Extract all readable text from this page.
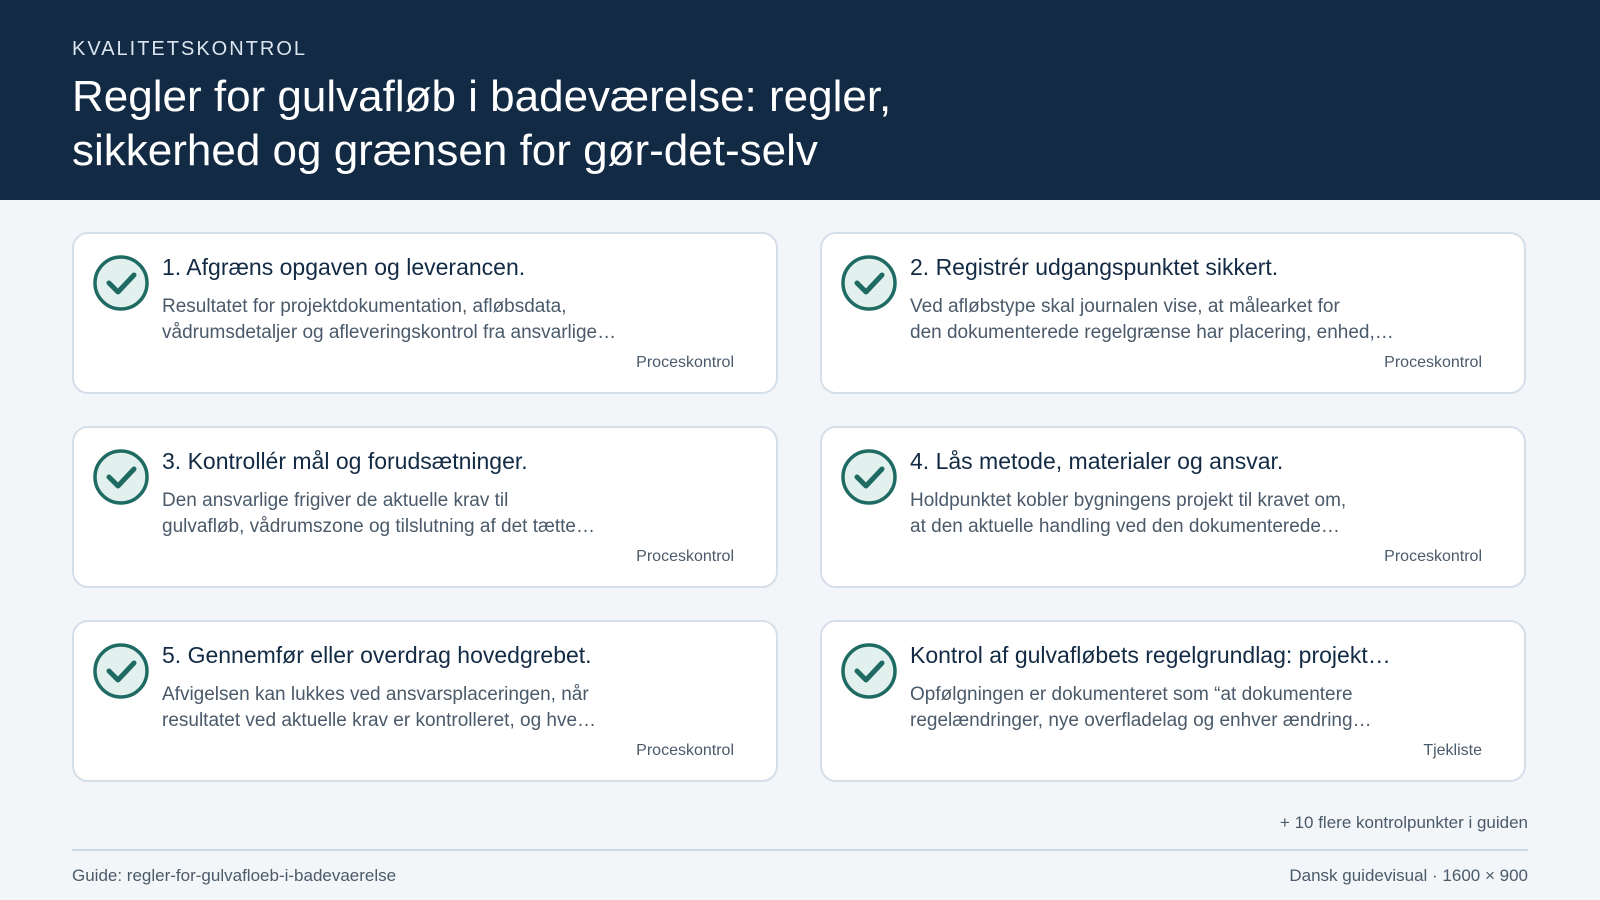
KVALITETSKONTROL
Regler for gulvafløb i badeværelse: regler, sikkerhed og grænsen for gør-det-selv
1. Afgræns opgaven og leverancen.
Resultatet for projektdokumentation, afløbsdata,
vådrumsdetaljer og afleveringskontrol fra ansvarlige…
Proceskontrol
2. Registrér udgangspunktet sikkert.
Ved afløbstype skal journalen vise, at målearket for
den dokumenterede regelgrænse har placering, enhed,…
Proceskontrol
3. Kontrollér mål og forudsætninger.
Den ansvarlige frigiver de aktuelle krav til
gulvafløb, vådrumszone og tilslutning af det tætte…
Proceskontrol
4. Lås metode, materialer og ansvar.
Holdpunktet kobler bygningens projekt til kravet om,
at den aktuelle handling ved den dokumenterede…
Proceskontrol
5. Gennemfør eller overdrag hovedgrebet.
Afvigelsen kan lukkes ved ansvarsplaceringen, når
resultatet ved aktuelle krav er kontrolleret, og hve…
Proceskontrol
Kontrol af gulvafløbets regelgrundlag: projekt…
Opfølgningen er dokumenteret som “at dokumentere
regelændringer, nye overfladelag og enhver ændring…
Tjekliste
+ 10 flere kontrolpunkter i guiden
Guide: regler-for-gulvafloeb-i-badevaerelse	Dansk guidevisual · 1600 × 900
